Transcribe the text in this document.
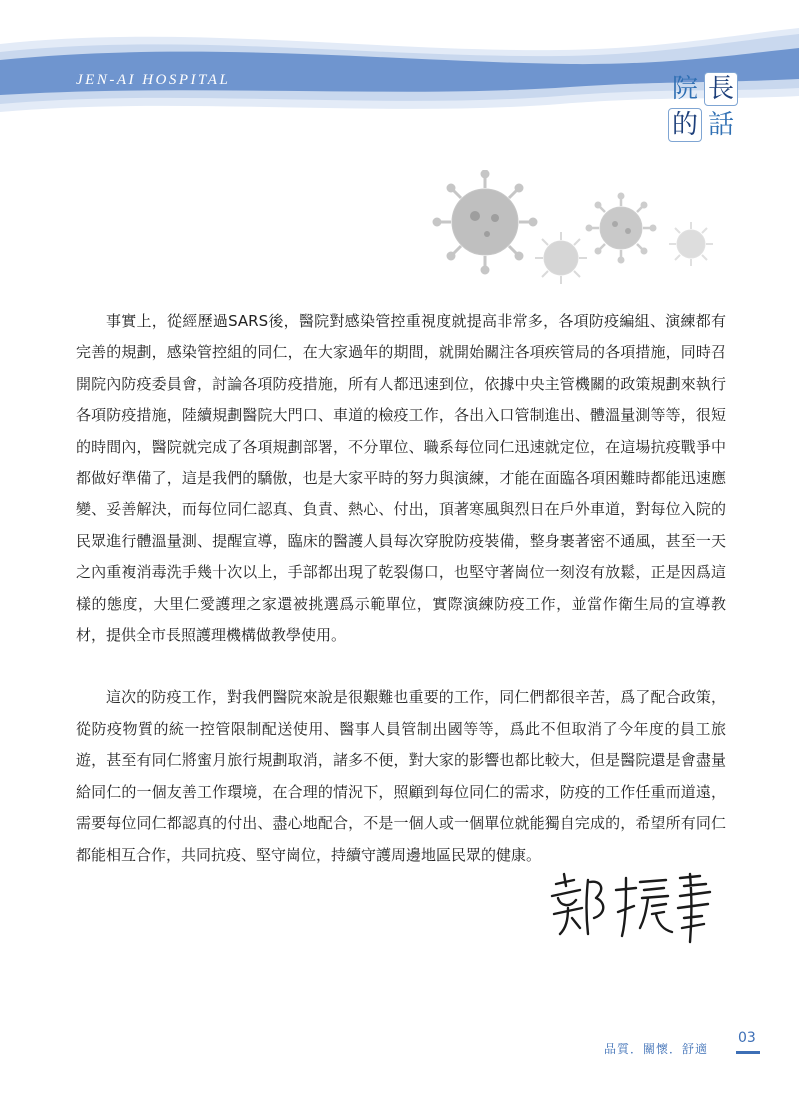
JEN-AI HOSPITAL	院 長
的 話

事實上，從經歷過SARS後，醫院對感染管控重視度就提高非常多，各項防疫編組、演練都有完善的規劃，感染管控組的同仁，在大家過年的期間，就開始關注各項疾管局的各項措施，同時召開院內防疫委員會，討論各項防疫措施，所有人都迅速到位，依據中央主管機關的政策規劃來執行各項防疫措施，陸續規劃醫院大門口、車道的檢疫工作，各出入口管制進出、體溫量測等等，很短的時間內，醫院就完成了各項規劃部署，不分單位、職系每位同仁迅速就定位，在這場抗疫戰爭中都做好準備了，這是我們的驕傲，也是大家平時的努力與演練，才能在面臨各項困難時都能迅速應變、妥善解決，而每位同仁認真、負責、熱心、付出，頂著寒風與烈日在戶外車道，對每位入院的民眾進行體溫量測、提醒宣導，臨床的醫護人員每次穿脫防疫裝備，整身裹著密不通風，甚至一天之內重複消毒洗手幾十次以上，手部都出現了乾裂傷口，也堅守著崗位一刻沒有放鬆，正是因爲這樣的態度，大里仁愛護理之家還被挑選爲示範單位，實際演練防疫工作，並當作衛生局的宣導教材，提供全市長照護理機構做教學使用。

這次的防疫工作，對我們醫院來說是很艱難也重要的工作，同仁們都很辛苦，爲了配合政策，從防疫物質的統一控管限制配送使用、醫事人員管制出國等等，爲此不但取消了今年度的員工旅遊，甚至有同仁將蜜月旅行規劃取消，諸多不便，對大家的影響也都比較大，但是醫院還是會盡量給同仁的一個友善工作環境，在合理的情況下，照顧到每位同仁的需求，防疫的工作任重而道遠，需要每位同仁都認真的付出、盡心地配合，不是一個人或一個單位就能獨自完成的，希望所有同仁都能相互合作，共同抗疫、堅守崗位，持續守護周邊地區民眾的健康。

品質．關懷．舒適
03
